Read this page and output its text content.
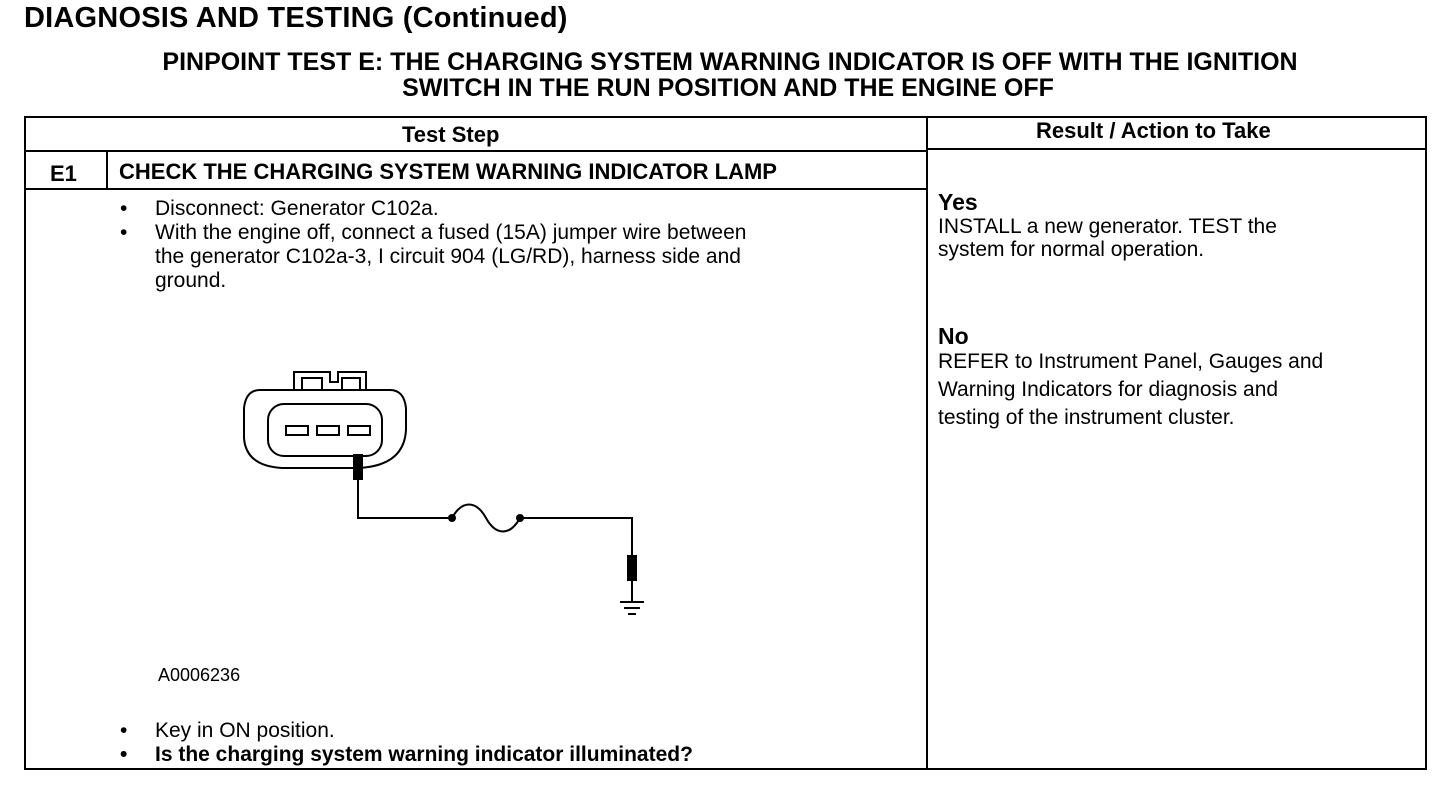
DIAGNOSIS AND TESTING (Continued)
PINPOINT TEST E: THE CHARGING SYSTEM WARNING INDICATOR IS OFF WITH THE IGNITION
SWITCH IN THE RUN POSITION AND THE ENGINE OFF
Test Step	Result / Action to Take
E1 CHECK THE CHARGING SYSTEM WARNING INDICATOR LAMP
• Disconnect: Generator C102a.
• With the engine off, connect a fused (15A) jumper wire between
the generator C102a-3, I circuit 904 (LG/RD), harness side and
ground.
A0006236
• Key in ON position.
• Is the charging system warning indicator illuminated?
Yes
INSTALL a new generator. TEST the
system for normal operation.
No
REFER to Instrument Panel, Gauges and
Warning Indicators for diagnosis and
testing of the instrument cluster.
